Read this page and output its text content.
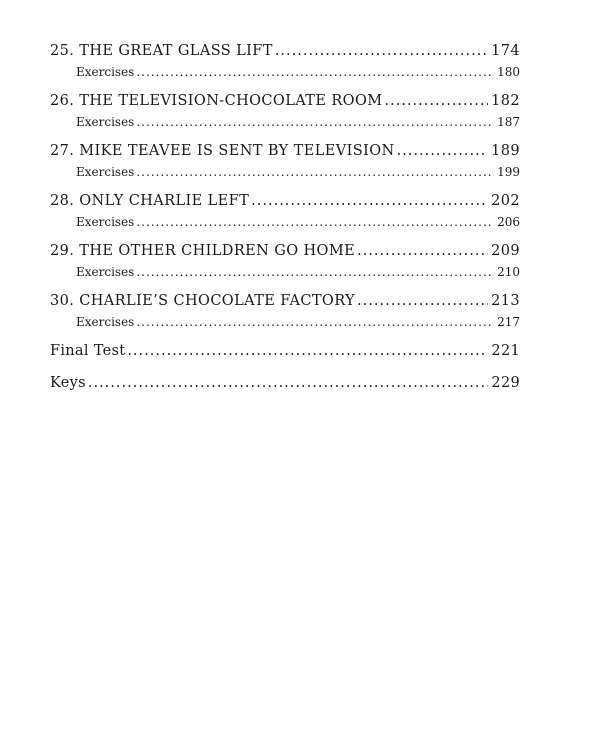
25. THE GREAT GLASS LIFT .....	174
Exercises .....	180
26. THE TELEVISION-CHOCOLATE ROOM .....	182
Exercises .....	187
27. MIKE TEAVEE IS SENT BY TELEVISION .....	189
Exercises .....	199
28. ONLY CHARLIE LEFT .....	202
Exercises .....	206
29. THE OTHER CHILDREN GO HOME .....	209
Exercises .....	210
30. CHARLIE’S CHOCOLATE FACTORY .....	213
Exercises .....	217
Final Test .....	221
Keys .....	229
